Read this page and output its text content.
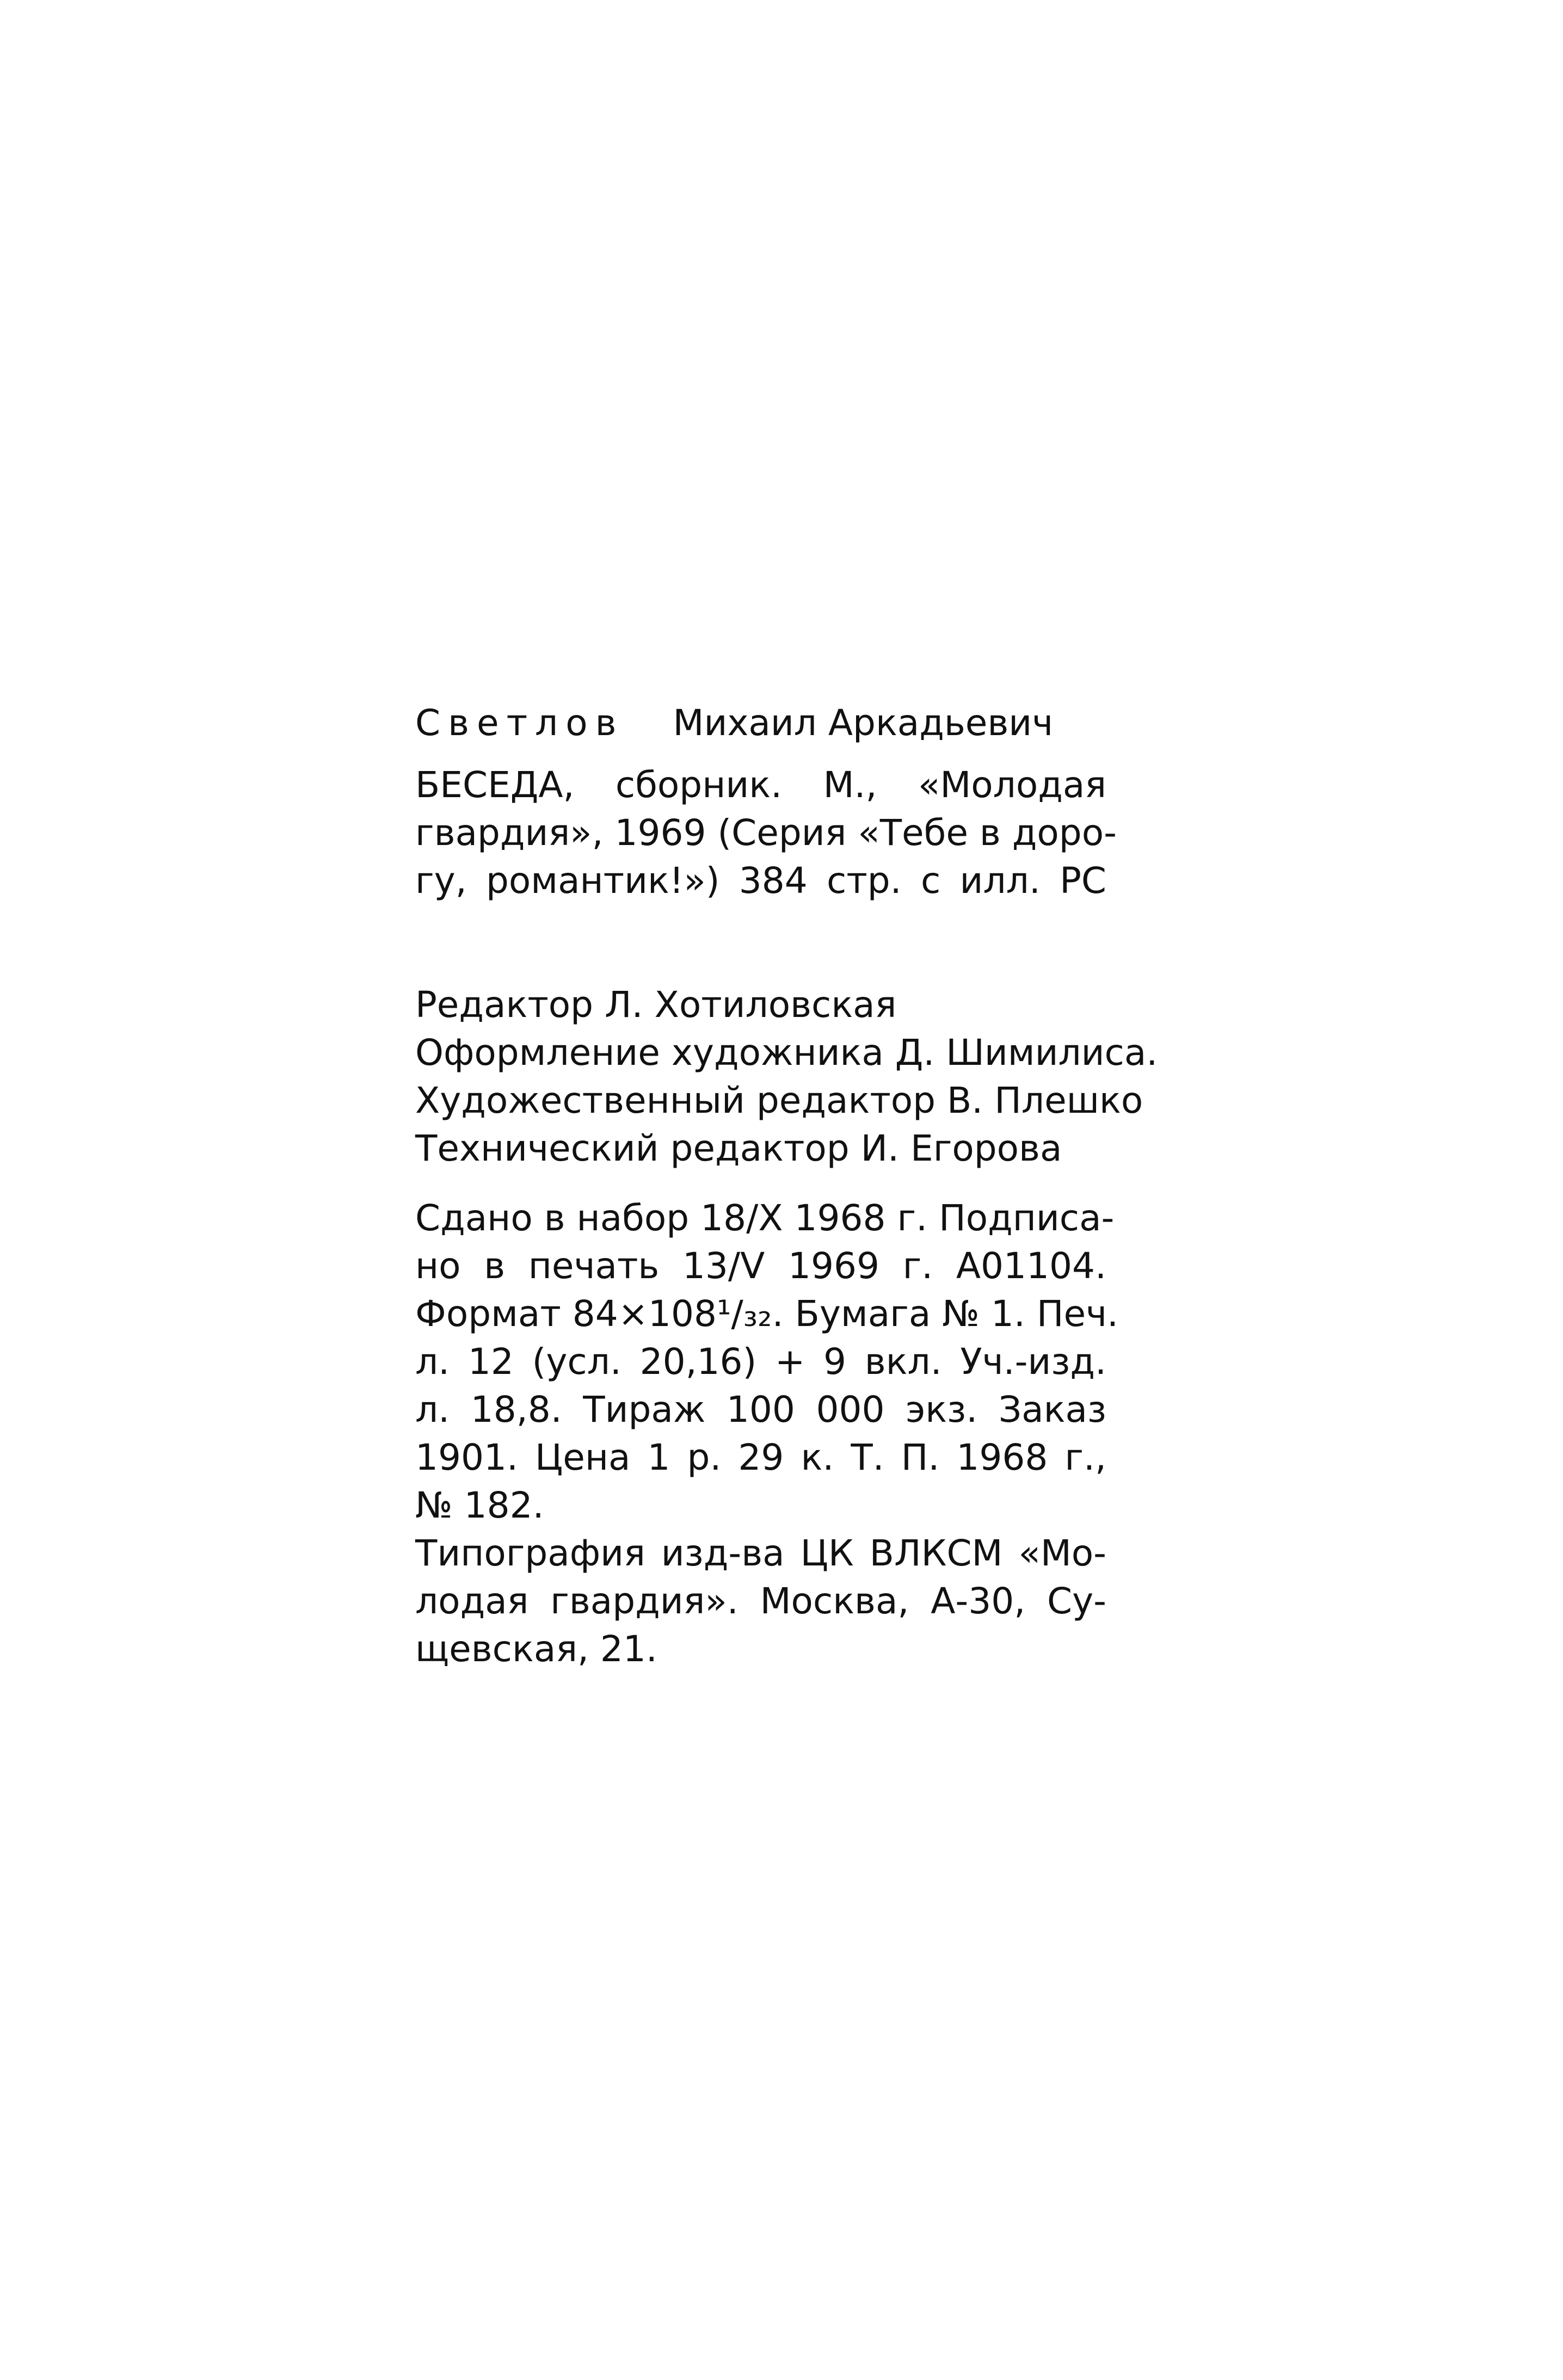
Светлов Михаил Аркадьевич
БЕСЕДА, сборник. М., «Молодая
гвардия», 1969 (Серия «Тебе в доро-
гу, романтик!») 384 стр. с илл. РС
Редактор Л. Хотиловская
Оформление художника Д. Шимилиса.
Художественный редактор В. Плешко
Технический редактор И. Егорова
Сдано в набор 18/X 1968 г. Подписа-
но в печать 13/V 1969 г. А01104.
Формат 84×108¹/₃₂. Бумага № 1. Печ.
л. 12 (усл. 20,16) + 9 вкл. Уч.-изд.
л. 18,8. Тираж 100 000 экз. Заказ
1901. Цена 1 р. 29 к. Т. П. 1968 г.,
№ 182.
Типография изд-ва ЦК ВЛКСМ «Мо-
лодая гвардия». Москва, А-30, Су-
щевская, 21.
